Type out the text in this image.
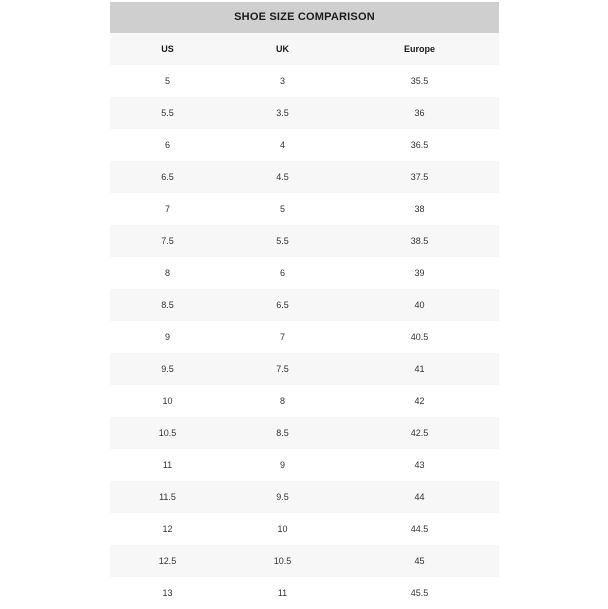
SHOE SIZE COMPARISON
US	UK	Europe
5	3	35.5
5.5	3.5	36
6	4	36.5
6.5	4.5	37.5
7	5	38
7.5	5.5	38.5
8	6	39
8.5	6.5	40
9	7	40.5
9.5	7.5	41
10	8	42
10.5	8.5	42.5
11	9	43
11.5	9.5	44
12	10	44.5
12.5	10.5	45
13	11	45.5
